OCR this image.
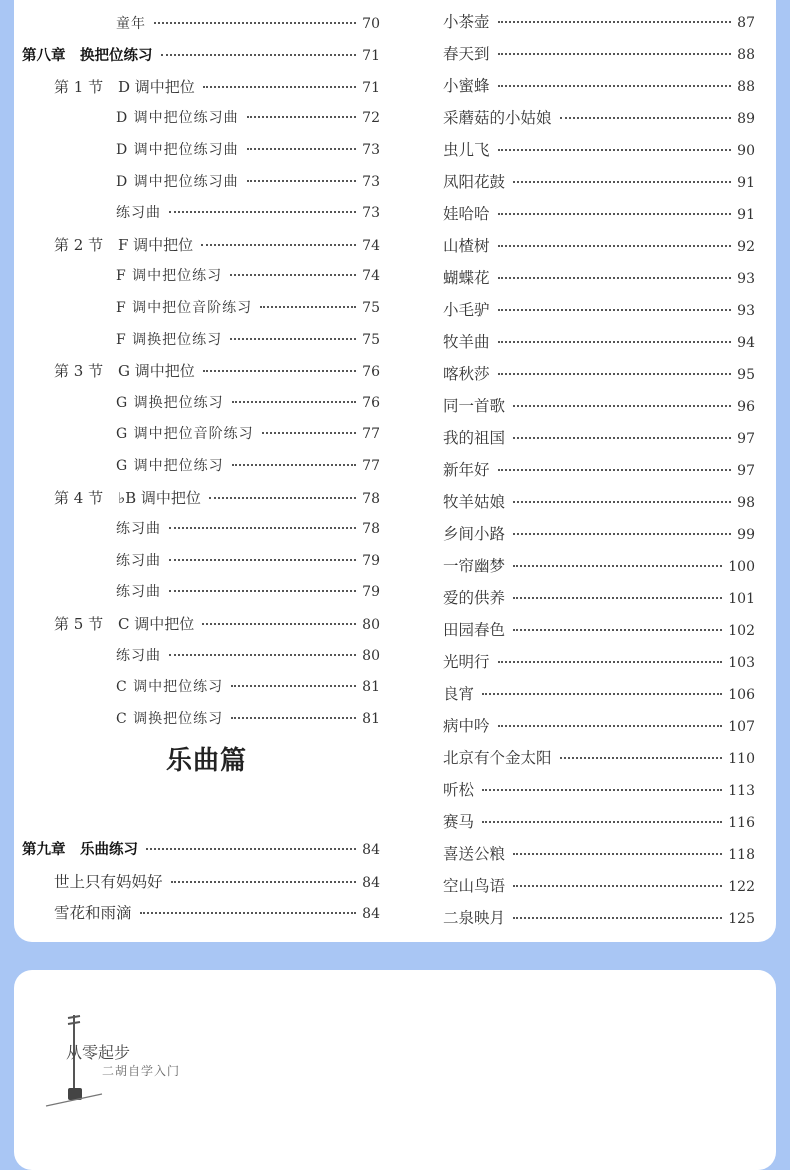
童年	70
第八章　换把位练习	71
第 1 节 D 调中把位	71
D 调中把位练习曲	72
D 调中把位练习曲	73
D 调中把位练习曲	73
练习曲	73
第 2 节 F 调中把位	74
F 调中把位练习	74
F 调中把位音阶练习	75
F 调换把位练习	75
第 3 节 G 调中把位	76
G 调换把位练习	76
G 调中把位音阶练习	77
G 调中把位练习	77
第 4 节 ♭B 调中把位	78
练习曲	78
练习曲	79
练习曲	79
第 5 节 C 调中把位	80
练习曲	80
C 调中把位练习	81
C 调换把位练习	81
乐曲篇
第九章　乐曲练习	84
世上只有妈妈好	84
雪花和雨滴	84
小茶壶	87
春天到	88
小蜜蜂	88
采蘑菇的小姑娘	89
虫儿飞	90
凤阳花鼓	91
娃哈哈	91
山楂树	92
蝴蝶花	93
小毛驴	93
牧羊曲	94
喀秋莎	95
同一首歌	96
我的祖国	97
新年好	97
牧羊姑娘	98
乡间小路	99
一帘幽梦	100
爱的供养	101
田园春色	102
光明行	103
良宵	106
病中吟	107
北京有个金太阳	110
听松	113
赛马	116
喜送公粮	118
空山鸟语	122
二泉映月	125
从零起步
二胡自学入门
